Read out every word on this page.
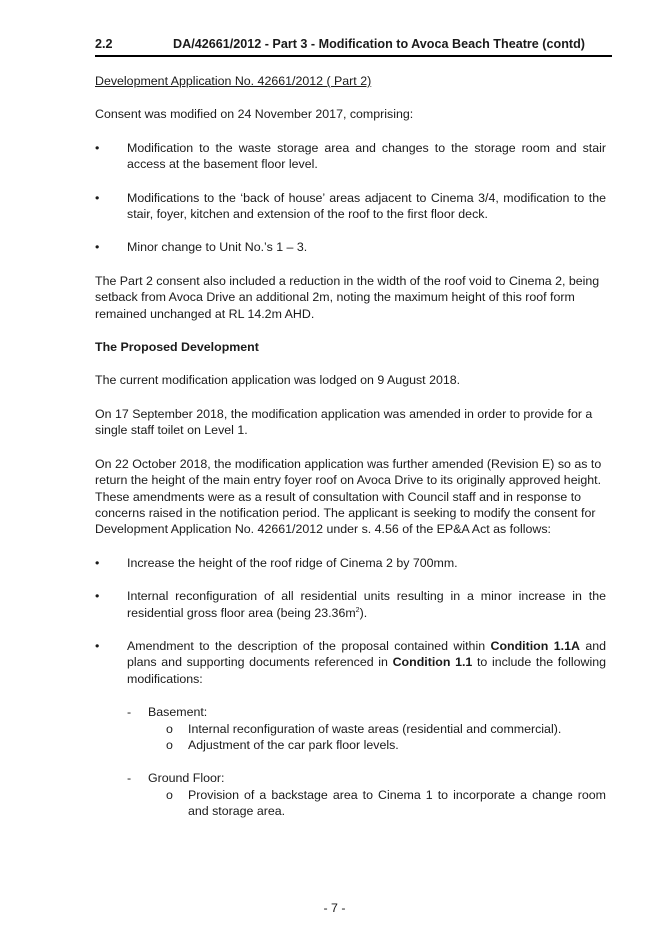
2.2	DA/42661/2012 - Part 3 - Modification to Avoca Beach Theatre (contd)

Development Application No. 42661/2012 ( Part 2)

Consent was modified on 24 November 2017, comprising:

•	Modification to the waste storage area and changes to the storage room and stair access at the basement floor level.
•	Modifications to the ‘back of house’ areas adjacent to Cinema 3/4, modification to the stair, foyer, kitchen and extension of the roof to the first floor deck.
•	Minor change to Unit No.’s 1 – 3.

The Part 2 consent also included a reduction in the width of the roof void to Cinema 2, being setback from Avoca Drive an additional 2m, noting the maximum height of this roof form remained unchanged at RL 14.2m AHD.

The Proposed Development

The current modification application was lodged on 9 August 2018.

On 17 September 2018, the modification application was amended in order to provide for a single staff toilet on Level 1.

On 22 October 2018, the modification application was further amended (Revision E) so as to return the height of the main entry foyer roof on Avoca Drive to its originally approved height. These amendments were as a result of consultation with Council staff and in response to concerns raised in the notification period. The applicant is seeking to modify the consent for Development Application No. 42661/2012 under s. 4.56 of the EP&A Act as follows:

•	Increase the height of the roof ridge of Cinema 2 by 700mm.
•	Internal reconfiguration of all residential units resulting in a minor increase in the residential gross floor area (being $23.36m^2$).
•	Amendment to the description of the proposal contained within Condition 1.1A and plans and supporting documents referenced in Condition 1.1 to include the following modifications:
-	Basement:
o	Internal reconfiguration of waste areas (residential and commercial).
o	Adjustment of the car park floor levels.
-	Ground Floor:
o	Provision of a backstage area to Cinema 1 to incorporate a change room and storage area.
- 7 -
